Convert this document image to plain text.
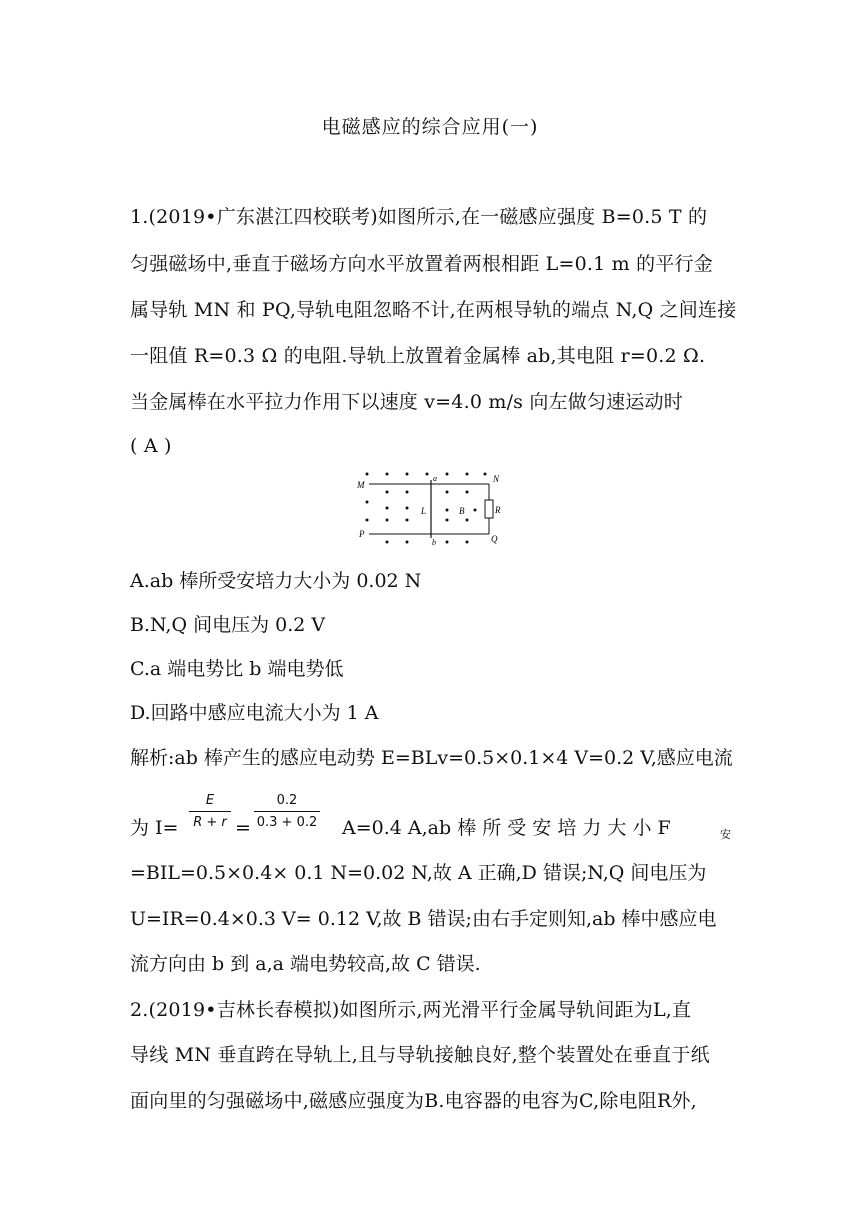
电磁感应的综合应用(一)
1.(2019•广东湛江四校联考)如图所示,在一磁感应强度 B=0.5 T 的
匀强磁场中,垂直于磁场方向水平放置着两根相距 L=0.1 m 的平行金
属导轨 MN 和 PQ,导轨电阻忽略不计,在两根导轨的端点 N,Q 之间连接
一阻值 R=0.3 Ω 的电阻.导轨上放置着金属棒 ab,其电阻 r=0.2 Ω.
当金属棒在水平拉力作用下以速度 v=4.0 m/s 向左做匀速运动时
( A )
M
N
P	Q
a
b
L	B	R
A.ab 棒所受安培力大小为 0.02 N
B.N,Q 间电压为 0.2 V
C.a 端电势比 b 端电势低
D.回路中感应电流大小为 1 A
解析:ab 棒产生的感应电动势 E=BLv=0.5×0.1×4 V=0.2 V,感应电流
为 I=
E
R + r =
0.2
0.3 + 0.2 A=0.4 A,ab 棒 所 受 安 培 力 大 小 F	安
=BIL=0.5×0.4× 0.1 N=0.02 N,故 A 正确,D 错误;N,Q 间电压为
U=IR=0.4×0.3 V= 0.12 V,故 B 错误;由右手定则知,ab 棒中感应电
流方向由 b 到 a,a 端电势较高,故 C 错误.
2.(2019•吉林长春模拟)如图所示,两光滑平行金属导轨间距为L,直
导线 MN 垂直跨在导轨上,且与导轨接触良好,整个装置处在垂直于纸
面向里的匀强磁场中,磁感应强度为B.电容器的电容为C,除电阻R外,
